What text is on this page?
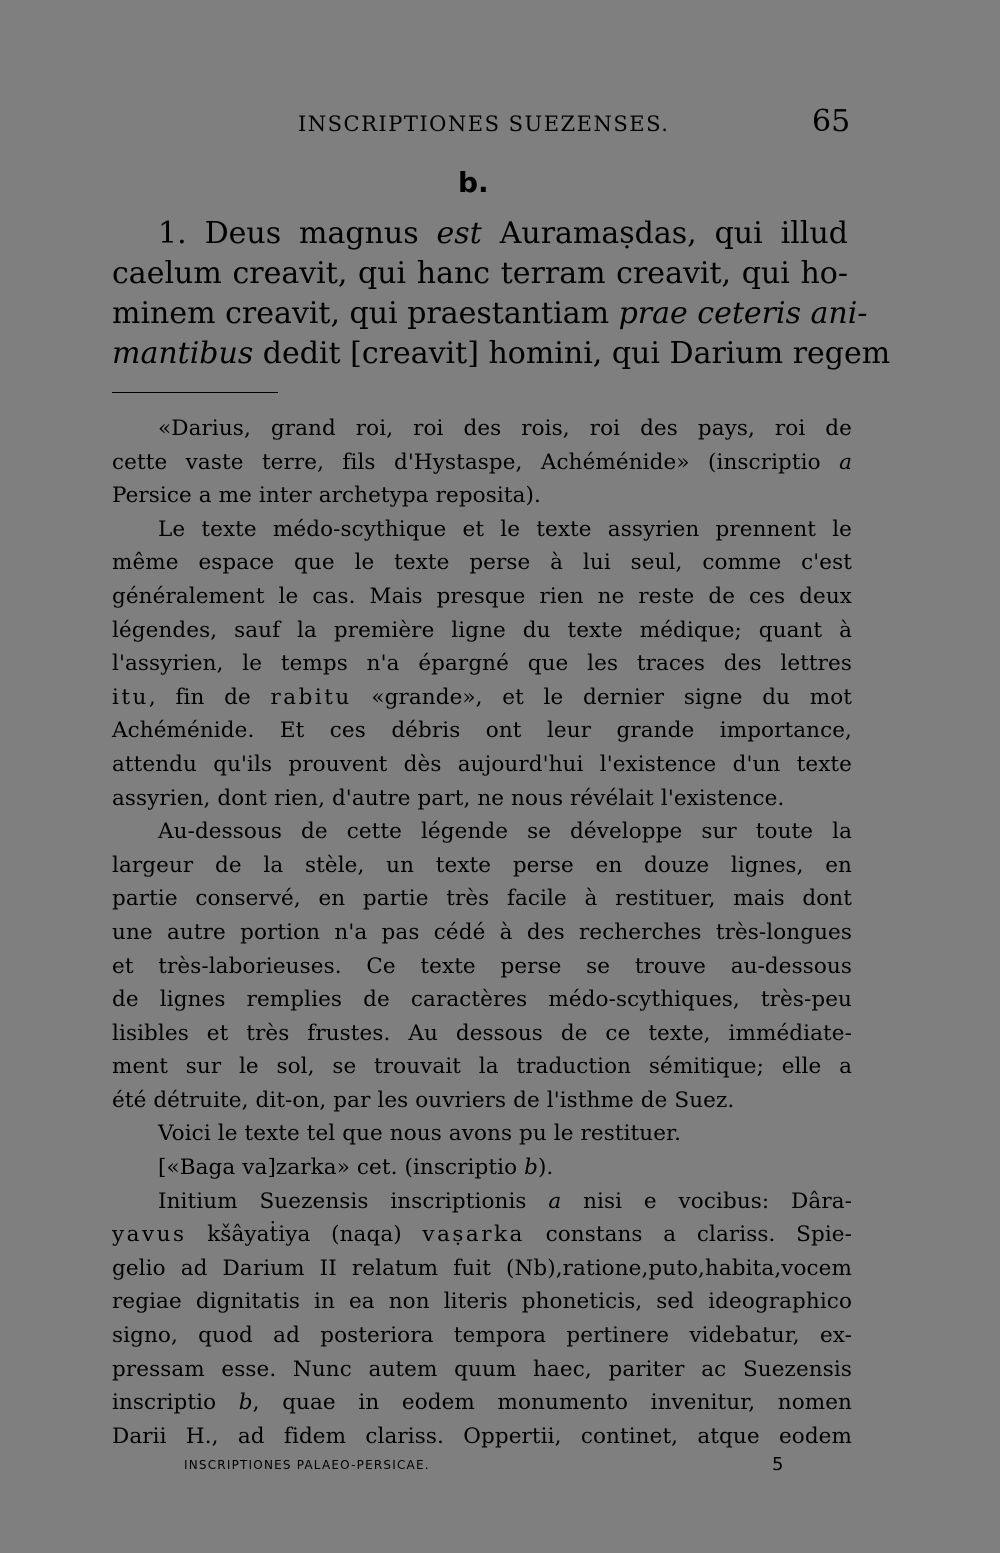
INSCRIPTIONES SUEZENSES.	65
b.
1. Deus magnus est Auramaṣdas, qui illud
caelum creavit, qui hanc terram creavit, qui ho-
minem creavit, qui praestantiam prae ceteris ani-
mantibus dedit [creavit] homini, qui Darium regem
«Darius, grand roi, roi des rois, roi des pays, roi de
cette vaste terre, fils d'Hystaspe, Achéménide» (inscriptio a
Persice a me inter archetypa reposita).
Le texte médo-scythique et le texte assyrien prennent le
même espace que le texte perse à lui seul, comme c'est
généralement le cas. Mais presque rien ne reste de ces deux
légendes, sauf la première ligne du texte médique; quant à
l'assyrien, le temps n'a épargné que les traces des lettres
itu, fin de rabitu «grande», et le dernier signe du mot
Achéménide. Et ces débris ont leur grande importance,
attendu qu'ils prouvent dès aujourd'hui l'existence d'un texte
assyrien, dont rien, d'autre part, ne nous révélait l'existence.
Au-dessous de cette légende se développe sur toute la
largeur de la stèle, un texte perse en douze lignes, en
partie conservé, en partie très facile à restituer, mais dont
une autre portion n'a pas cédé à des recherches très-longues
et très-laborieuses. Ce texte perse se trouve au-dessous
de lignes remplies de caractères médo-scythiques, très-peu
lisibles et très frustes. Au dessous de ce texte, immédiate-
ment sur le sol, se trouvait la traduction sémitique; elle a
été détruite, dit-on, par les ouvriers de l'isthme de Suez.
Voici le texte tel que nous avons pu le restituer.
[«Baga va]zarka» cet. (inscriptio b).
Initium Suezensis inscriptionis a nisi e vocibus: Dâra-
yavus kšâyaṫiya (naqa) vaṣarka constans a clariss. Spie-
gelio ad Darium II relatum fuit (Nb),ratione,puto,habita,vocem
regiae dignitatis in ea non literis phoneticis, sed ideographico
signo, quod ad posteriora tempora pertinere videbatur, ex-
pressam esse. Nunc autem quum haec, pariter ac Suezensis
inscriptio b, quae in eodem monumento invenitur, nomen
Darii H., ad fidem clariss. Oppertii, continet, atque eodem
INSCRIPTIONES PALAEO-PERSICAE.	5
